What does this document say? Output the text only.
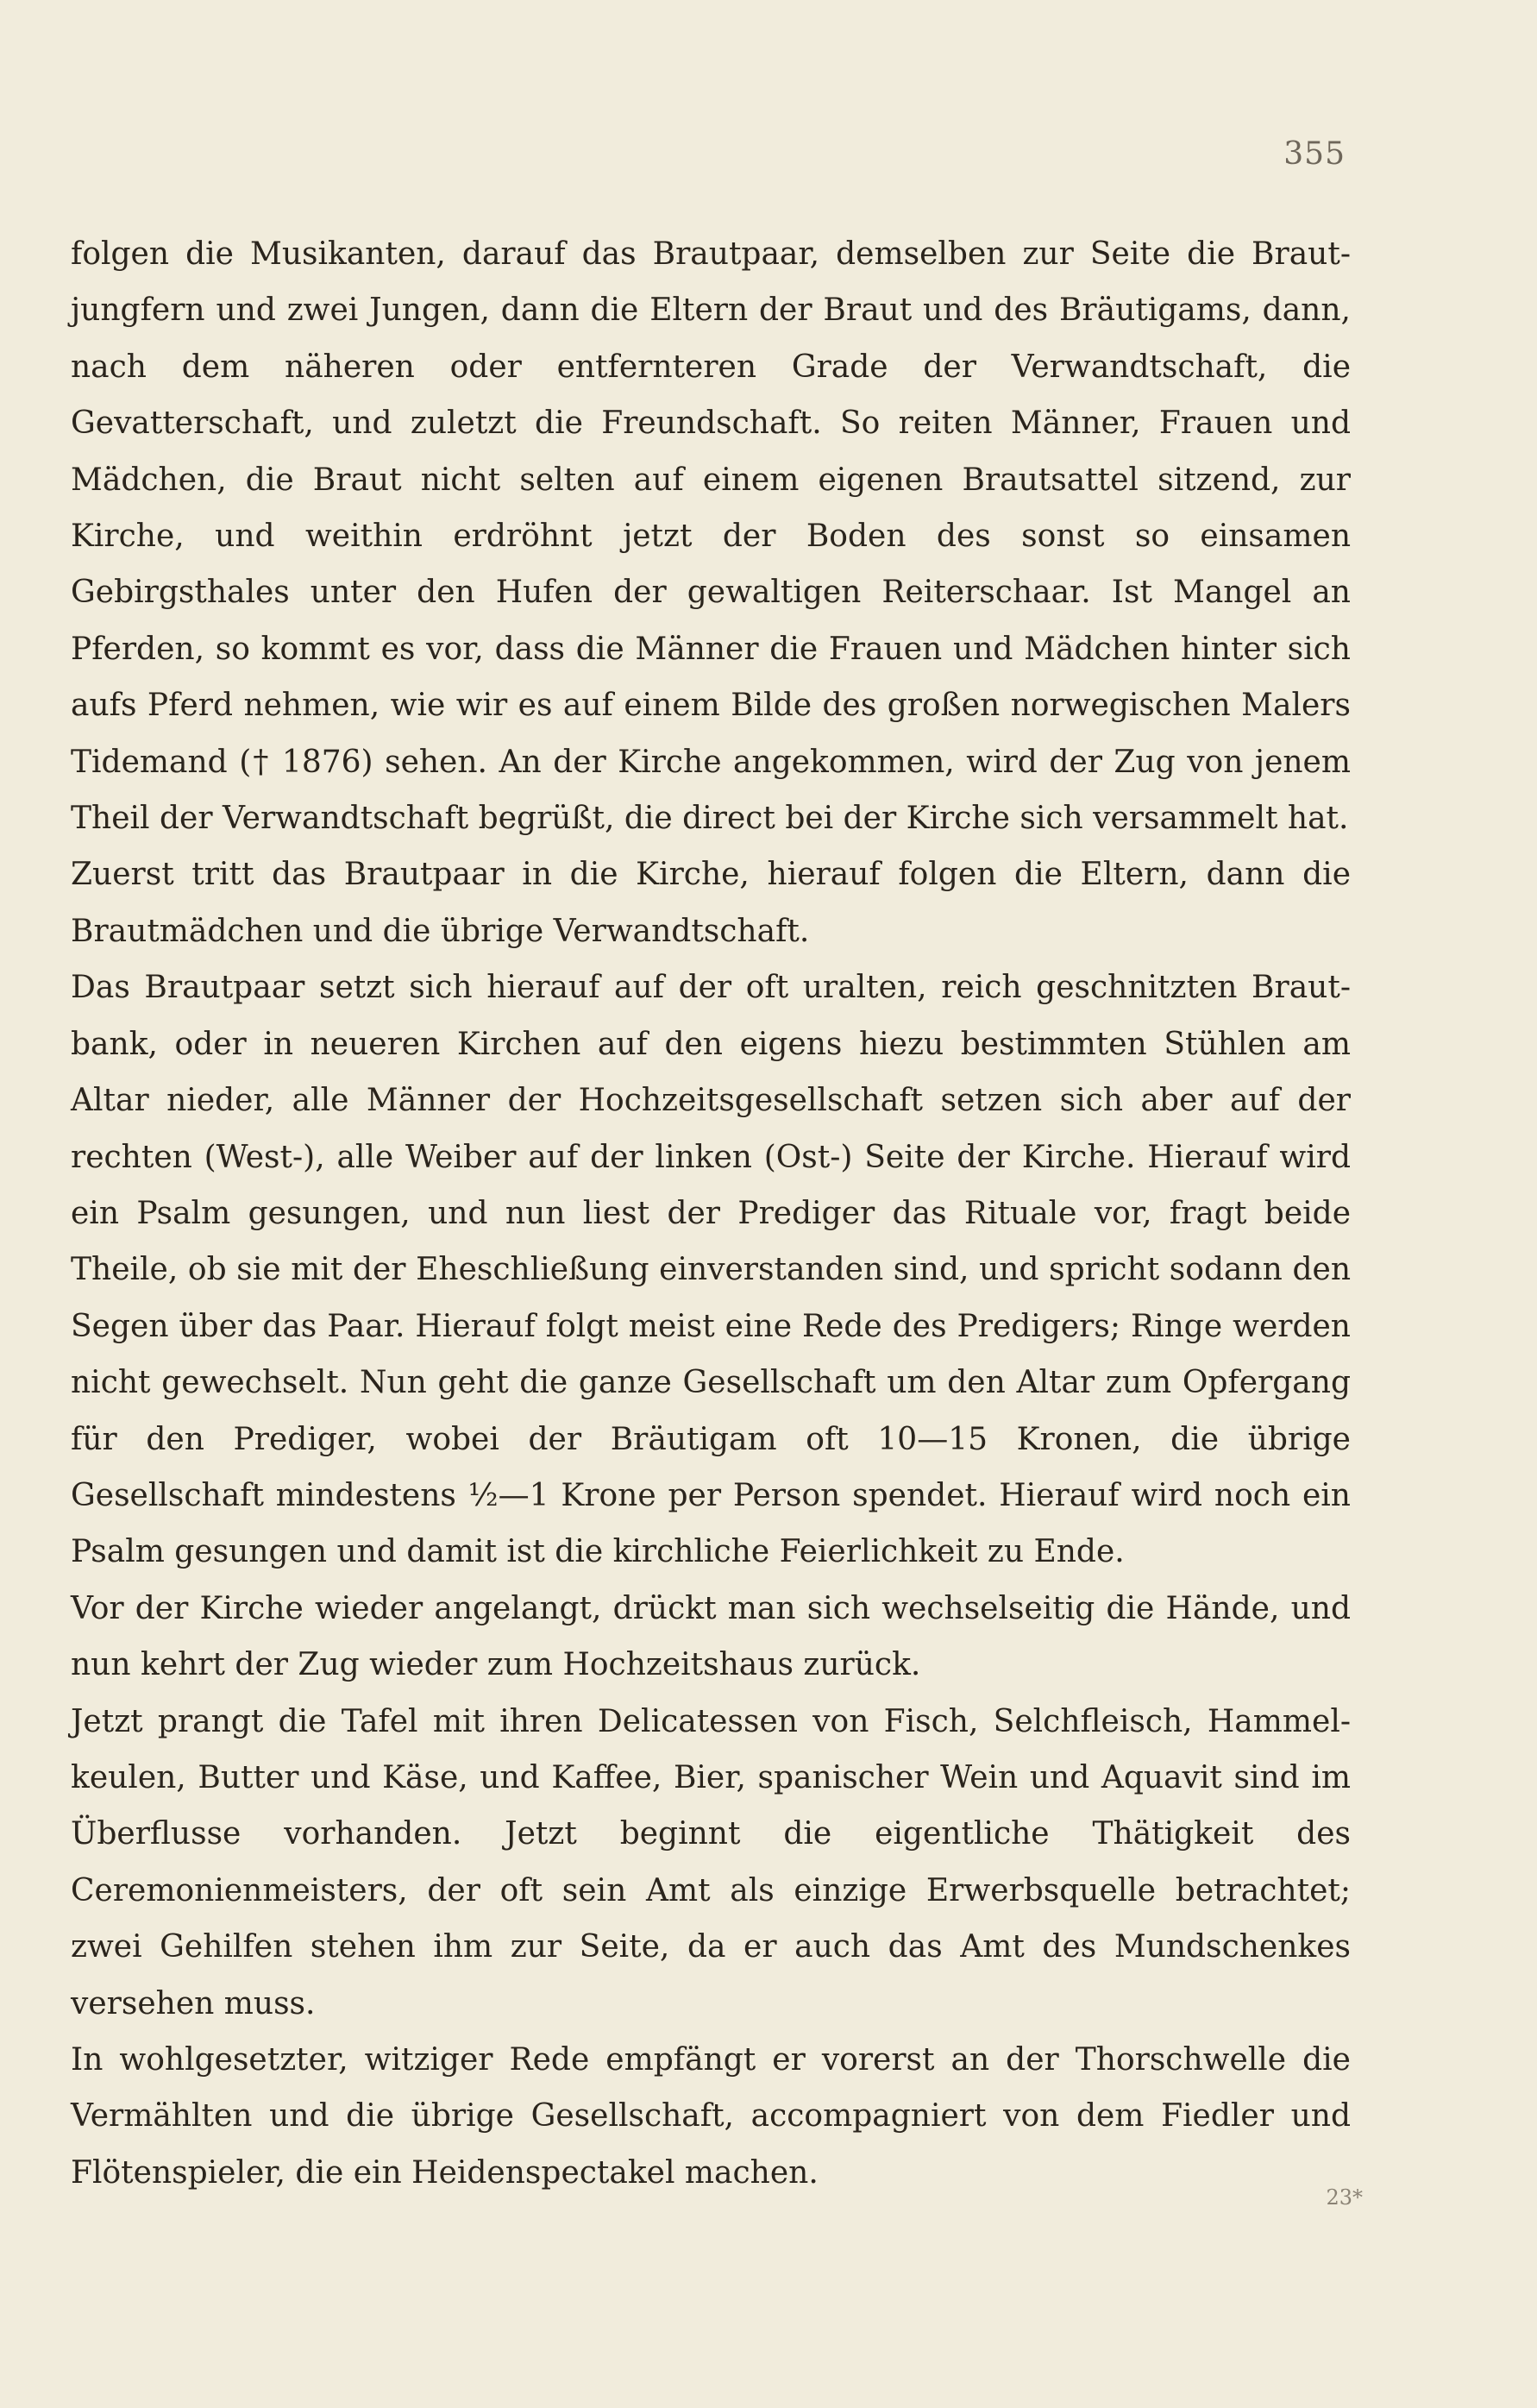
355

folgen die Musikanten, darauf das Brautpaar, demselben zur Seite die Brautjungfern und zwei Jungen, dann die Eltern der Braut und des Bräutigams, dann, nach dem näheren oder entfernteren Grade der Verwandtschaft, die Gevatterschaft, und zuletzt die Freundschaft. So reiten Männer, Frauen und Mädchen, die Braut nicht selten auf einem eigenen Brautsattel sitzend, zur Kirche, und weithin erdröhnt jetzt der Boden des sonst so einsamen Gebirgsthales unter den Hufen der gewaltigen Reiterschaar. Ist Mangel an Pferden, so kommt es vor, dass die Männer die Frauen und Mädchen hinter sich aufs Pferd nehmen, wie wir es auf einem Bilde des großen norwegischen Malers Tidemand († 1876) sehen. An der Kirche angekommen, wird der Zug von jenem Theil der Verwandtschaft begrüßt, die direct bei der Kirche sich versammelt hat.

Zuerst tritt das Brautpaar in die Kirche, hierauf folgen die Eltern, dann die Brautmädchen und die übrige Verwandtschaft.

Das Brautpaar setzt sich hierauf auf der oft uralten, reich geschnitzten Brautbank, oder in neueren Kirchen auf den eigens hiezu bestimmten Stühlen am Altar nieder, alle Männer der Hochzeitsgesellschaft setzen sich aber auf der rechten (West-), alle Weiber auf der linken (Ost-) Seite der Kirche. Hierauf wird ein Psalm gesungen, und nun liest der Prediger das Rituale vor, fragt beide Theile, ob sie mit der Eheschließung einverstanden sind, und spricht sodann den Segen über das Paar. Hierauf folgt meist eine Rede des Predigers; Ringe werden nicht gewechselt. Nun geht die ganze Gesellschaft um den Altar zum Opfergang für den Prediger, wobei der Bräutigam oft 10—15 Kronen, die übrige Gesellschaft mindestens ½—1 Krone per Person spendet. Hierauf wird noch ein Psalm gesungen und damit ist die kirchliche Feierlichkeit zu Ende.

Vor der Kirche wieder angelangt, drückt man sich wechselseitig die Hände, und nun kehrt der Zug wieder zum Hochzeitshaus zurück.

Jetzt prangt die Tafel mit ihren Delicatessen von Fisch, Selchfleisch, Hammelkeulen, Butter und Käse, und Kaffee, Bier, spanischer Wein und Aquavit sind im Überflusse vorhanden. Jetzt beginnt die eigentliche Thätigkeit des Ceremonienmeisters, der oft sein Amt als einzige Erwerbsquelle betrachtet; zwei Gehilfen stehen ihm zur Seite, da er auch das Amt des Mundschenkes versehen muss.

In wohlgesetzter, witziger Rede empfängt er vorerst an der Thorschwelle die Vermählten und die übrige Gesellschaft, accompagniert von dem Fiedler und Flötenspieler, die ein Heidenspectakel machen.

23*
